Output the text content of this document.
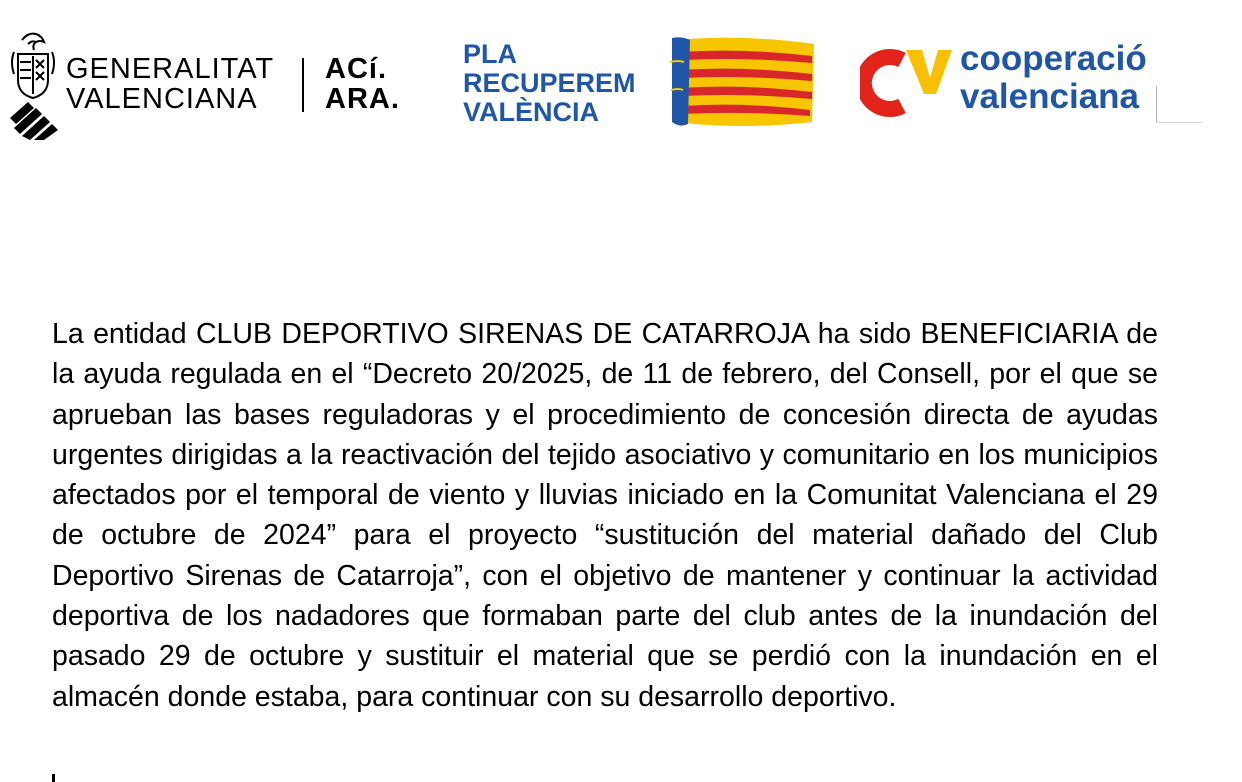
GENERALITAT
VALENCIANA
ACí.
ARA.
PLA
RECUPEREM
VALÈNCIA
cooperació
valenciana

La entidad CLUB DEPORTIVO SIRENAS DE CATARROJA ha sido BENEFICIARIA de la ayuda regulada en el “Decreto 20/2025, de 11 de febrero, del Consell, por el que se aprueban las bases reguladoras y el procedimiento de concesión directa de ayudas urgentes dirigidas a la reactivación del tejido asociativo y comunitario en los municipios afectados por el temporal de viento y lluvias iniciado en la Comunitat Valenciana el 29 de octubre de 2024” para el proyecto “sustitución del material dañado del Club Deportivo Sirenas de Catarroja”, con el objetivo de mantener y continuar la actividad deportiva de los nadadores que formaban parte del club antes de la inundación del pasado 29 de octubre y sustituir el material que se perdió con la inundación en el almacén donde estaba, para continuar con su desarrollo deportivo.
